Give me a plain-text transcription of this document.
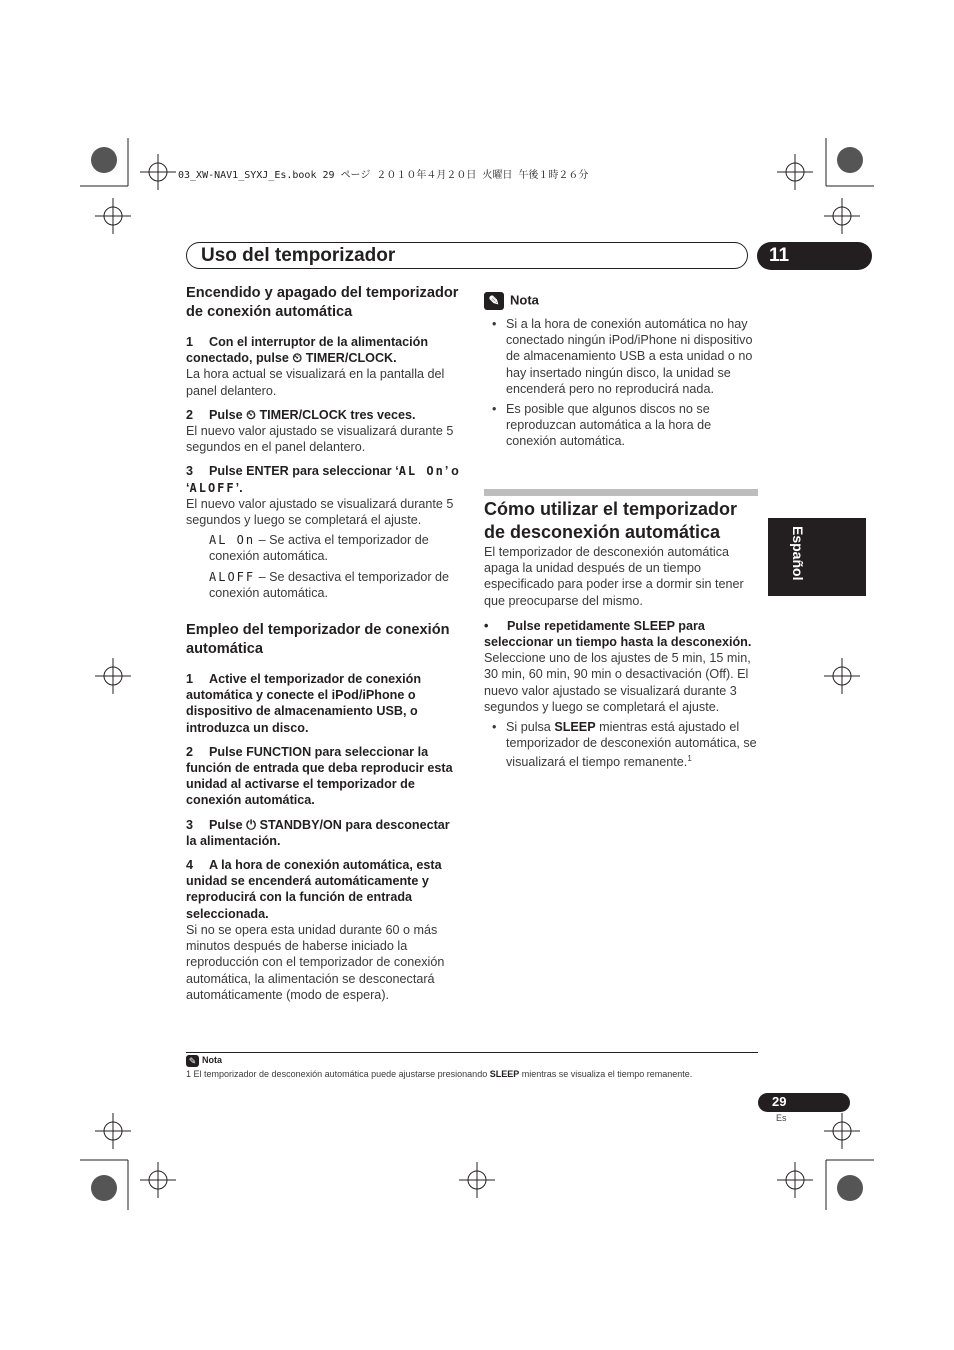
03_XW-NAV1_SYXJ_Es.book 29 ページ ２０１０年４月２０日 火曜日 午後１時２６分
Uso del temporizador	11
Español

Encendido y apagado del temporizador de conexión automática

1 Con el interruptor de la alimentación conectado, pulse ⏲ TIMER/CLOCK.

La hora actual se visualizará en la pantalla del panel delantero.

2 Pulse ⏲ TIMER/CLOCK tres veces.

El nuevo valor ajustado se visualizará durante 5 segundos en el panel delantero.

3 Pulse ENTER para seleccionar ‘AL On’ o ‘ALOFF’.

El nuevo valor ajustado se visualizará durante 5 segundos y luego se completará el ajuste.

AL On – Se activa el temporizador de conexión automática.

ALOFF – Se desactiva el temporizador de conexión automática.

Empleo del temporizador de conexión automática

1 Active el temporizador de conexión automática y conecte el iPod/iPhone o dispositivo de almacenamiento USB, o introduzca un disco.

2 Pulse FUNCTION para seleccionar la función de entrada que deba reproducir esta unidad al activarse el temporizador de conexión automática.

3 Pulse ⏻ STANDBY/ON para desconectar la alimentación.

4 A la hora de conexión automática, esta unidad se encenderá automáticamente y reproducirá con la función de entrada seleccionada.

Si no se opera esta unidad durante 60 o más minutos después de haberse iniciado la reproducción con el temporizador de conexión automática, la alimentación se desconectará automáticamente (modo de espera).

✎ Nota

• Si a la hora de conexión automática no hay conectado ningún iPod/iPhone ni dispositivo de almacenamiento USB a esta unidad o no hay insertado ningún disco, la unidad se encenderá pero no reproducirá nada.
• Es posible que algunos discos no se reproduzcan automática a la hora de conexión automática.

Cómo utilizar el temporizador de desconexión automática

El temporizador de desconexión automática apaga la unidad después de un tiempo especificado para poder irse a dormir sin tener que preocuparse del mismo.

• Pulse repetidamente SLEEP para seleccionar un tiempo hasta la desconexión.

Seleccione uno de los ajustes de 5 min, 15 min, 30 min, 60 min, 90 min o desactivación (Off). El nuevo valor ajustado se visualizará durante 3 segundos y luego se completará el ajuste.

• Si pulsa SLEEP mientras está ajustado el temporizador de desconexión automática, se visualizará el tiempo remanente.$^1$
✎ Nota
1 El temporizador de desconexión automática puede ajustarse presionando SLEEP mientras se visualiza el tiempo remanente.
29
Es
